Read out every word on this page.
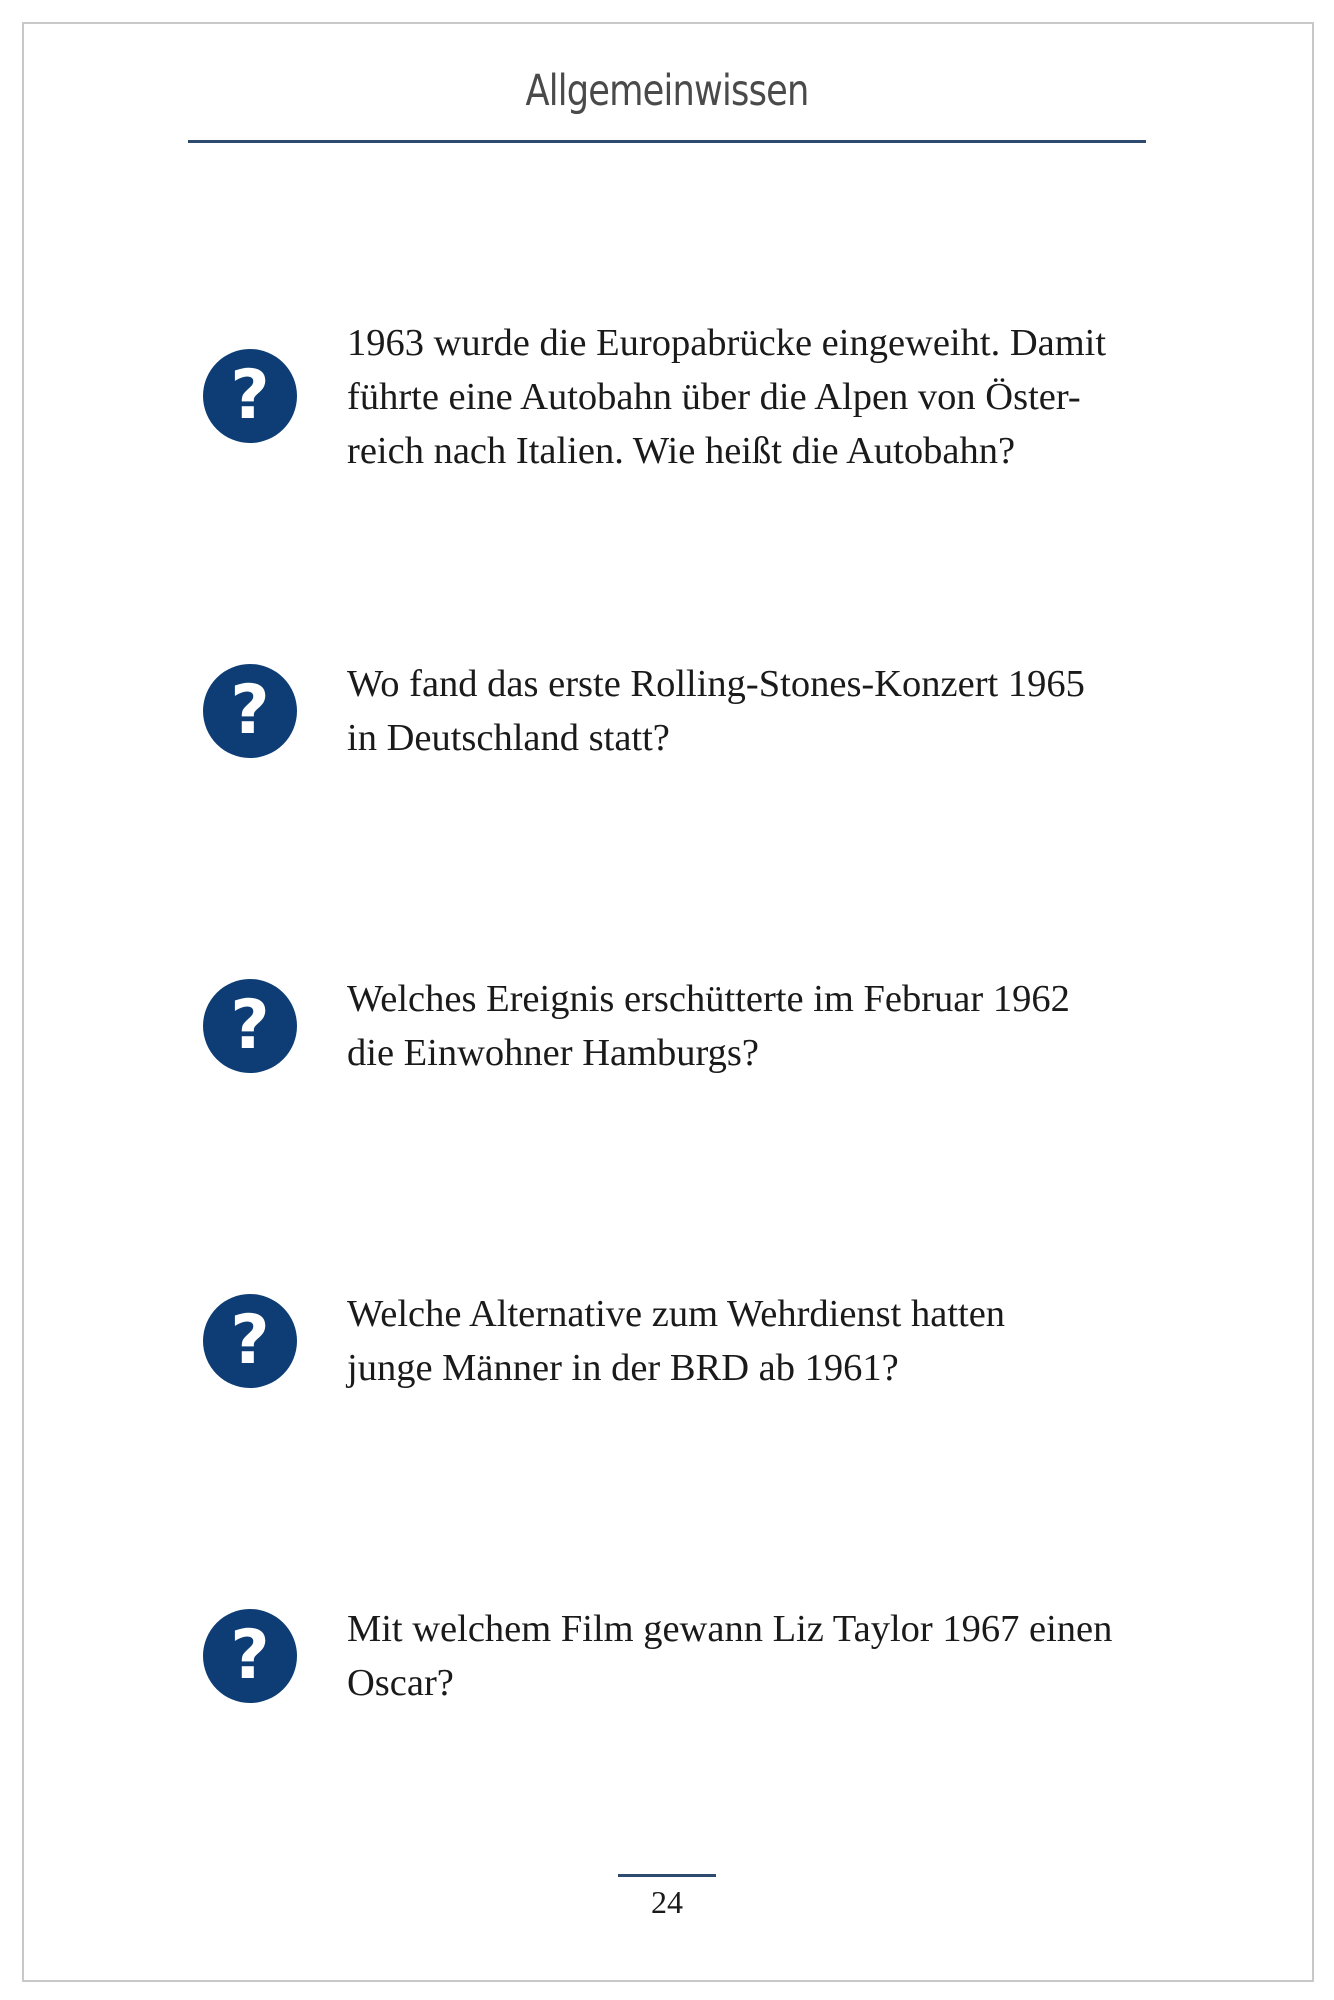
Allgemeinwissen
?
1963 wurde die Europabrücke eingeweiht. Damit
führte eine Autobahn über die Alpen von Öster-
reich nach Italien. Wie heißt die Autobahn?
?	Wo fand das erste Rolling-Stones-Konzert 1965
in Deutschland statt?
?	Welches Ereignis erschütterte im Februar 1962
die Einwohner Hamburgs?
?	Welche Alternative zum Wehrdienst hatten
junge Männer in der BRD ab 1961?
?	Mit welchem Film gewann Liz Taylor 1967 einen
Oscar?
24
